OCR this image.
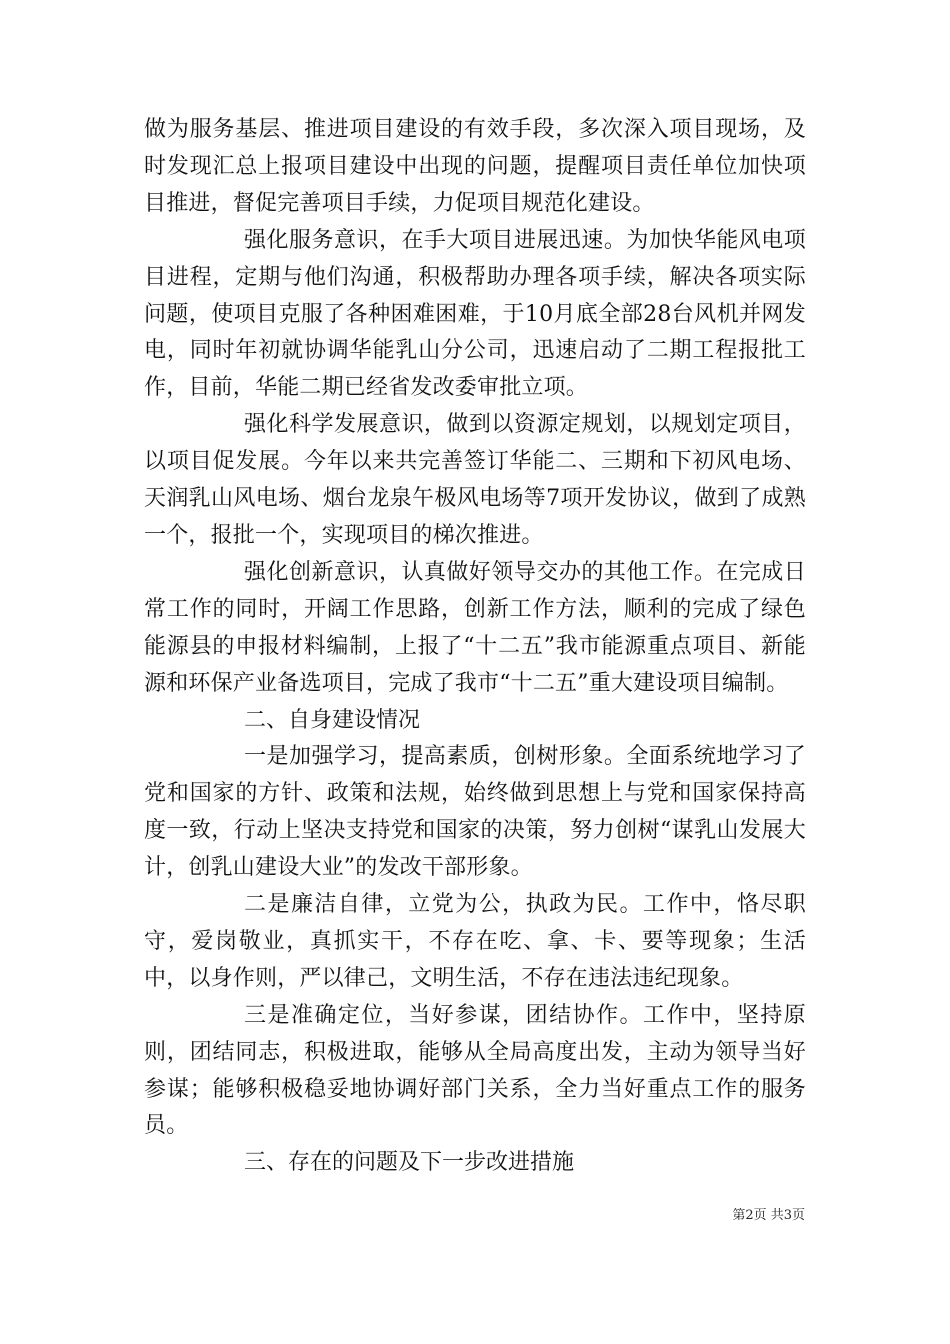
做为服务基层、推进项目建设的有效手段，多次深入项目现场，及时发现汇总上报项目建设中出现的问题，提醒项目责任单位加快项目推进，督促完善项目手续，力促项目规范化建设。

强化服务意识，在手大项目进展迅速。为加快华能风电项目进程，定期与他们沟通，积极帮助办理各项手续，解决各项实际问题，使项目克服了各种困难困难，于10月底全部28台风机并网发电，同时年初就协调华能乳山分公司，迅速启动了二期工程报批工作，目前，华能二期已经省发改委审批立项。

强化科学发展意识，做到以资源定规划，以规划定项目，以项目促发展。今年以来共完善签订华能二、三期和下初风电场、天润乳山风电场、烟台龙泉午极风电场等7项开发协议，做到了成熟一个，报批一个，实现项目的梯次推进。

强化创新意识，认真做好领导交办的其他工作。在完成日常工作的同时，开阔工作思路，创新工作方法，顺利的完成了绿色能源县的申报材料编制，上报了“十二五”我市能源重点项目、新能源和环保产业备选项目，完成了我市“十二五”重大建设项目编制。

二、自身建设情况

一是加强学习，提高素质，创树形象。全面系统地学习了党和国家的方针、政策和法规，始终做到思想上与党和国家保持高度一致，行动上坚决支持党和国家的决策，努力创树“谋乳山发展大计，创乳山建设大业”的发改干部形象。

二是廉洁自律，立党为公，执政为民。工作中，恪尽职守，爱岗敬业，真抓实干，不存在吃、拿、卡、要等现象；生活中，以身作则，严以律己，文明生活，不存在违法违纪现象。

三是准确定位，当好参谋，团结协作。工作中，坚持原则，团结同志，积极进取，能够从全局高度出发，主动为领导当好参谋；能够积极稳妥地协调好部门关系，全力当好重点工作的服务员。

三、存在的问题及下一步改进措施

第2页 共3页
